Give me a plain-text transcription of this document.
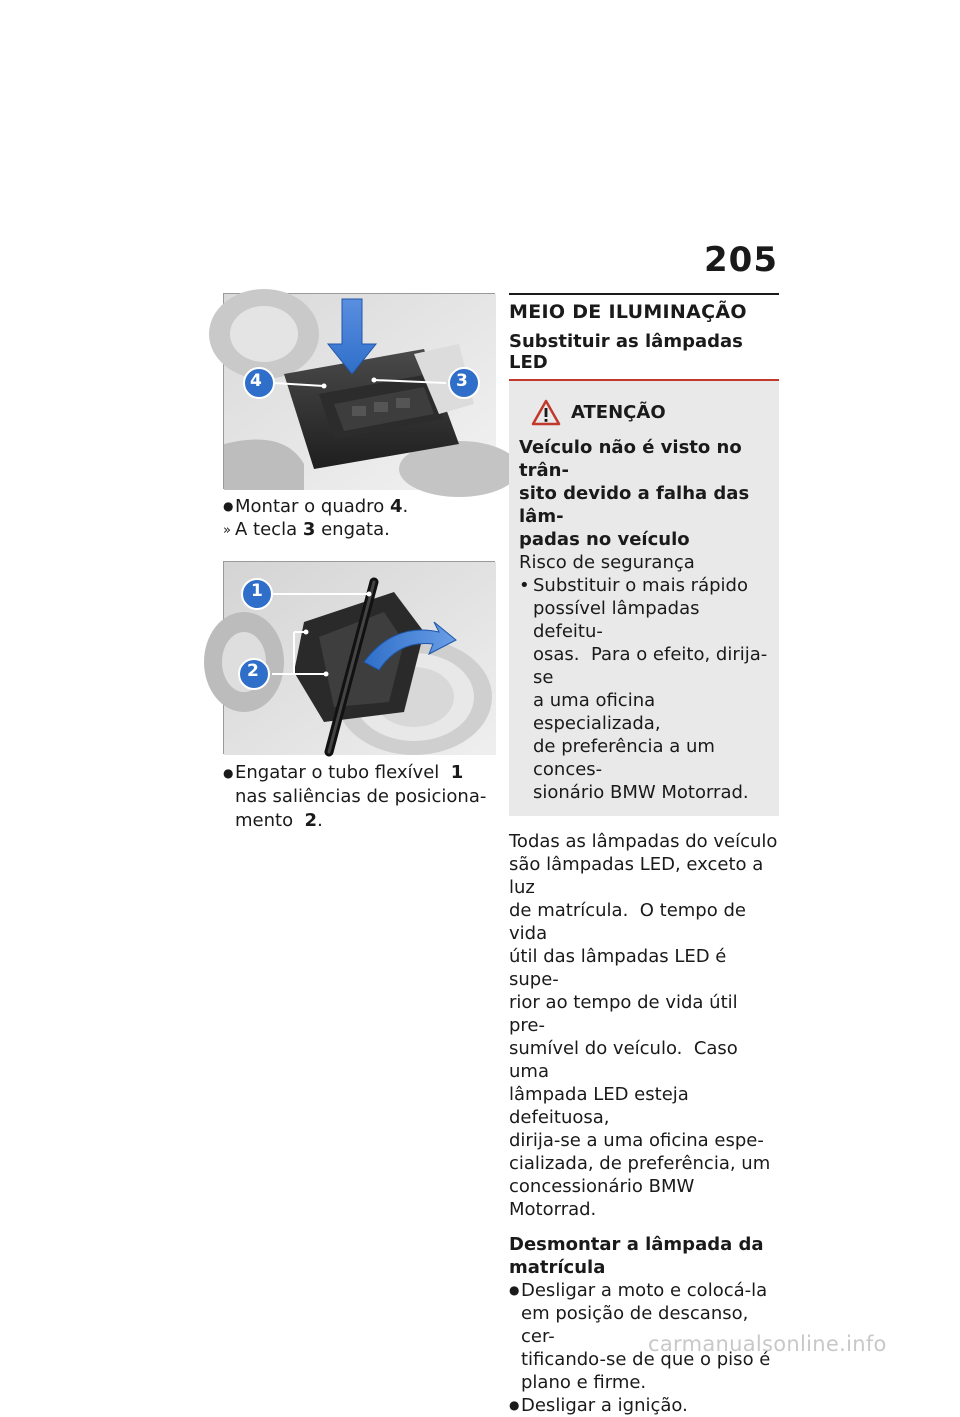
205
4	3
● Montar o quadro 4.
» A tecla 3 engata.
1
2
● Engatar o tubo flexível  1
nas saliências de posiciona-
mento  2.
MEIO DE ILUMINAÇÃO
Substituir as lâmpadas LED
ATENÇÃO
Veículo não é visto no trân-
sito devido a falha das lâm-
padas no veículo
Risco de segurança
• Substituir o mais rápido
possível lâmpadas defeitu-
osas.  Para o efeito, dirija-se
a uma oficina especializada,
de preferência a um conces-
sionário BMW Motorrad.
Todas as lâmpadas do veículo
são lâmpadas LED, exceto a luz
de matrícula.  O tempo de vida
útil das lâmpadas LED é supe-
rior ao tempo de vida útil pre-
sumível do veículo.  Caso uma
lâmpada LED esteja defeituosa,
dirija-se a uma oficina espe-
cializada, de preferência, um
concessionário BMW Motorrad.
Desmontar a lâmpada da
matrícula
● Desligar a moto e colocá-la
em posição de descanso, cer-
tificando-se de que o piso é
plano e firme.
● Desligar a ignição.
carmanualsonline.info
